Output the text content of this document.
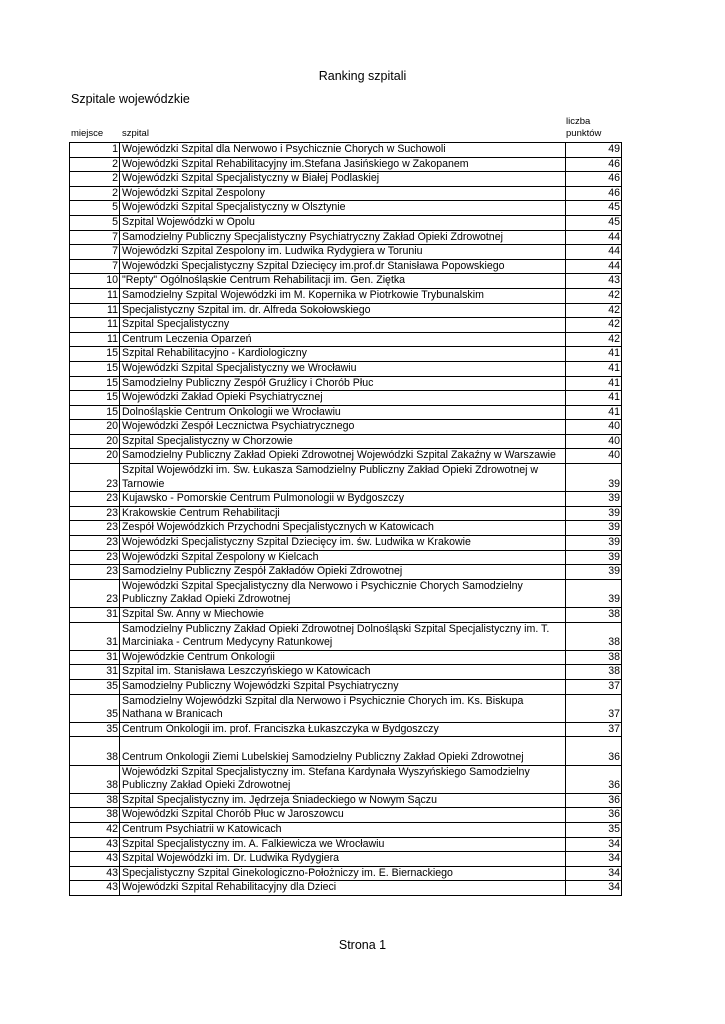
Ranking szpitali
Szpitale wojewódzkie
miejsce szpital
liczba
punktów
1	Wojewódzki Szpital dla Nerwowo i Psychicznie Chorych w Suchowoli	49
2	Wojewódzki Szpital Rehabilitacyjny im.Stefana Jasińskiego w Zakopanem	46
2	Wojewódzki Szpital Specjalistyczny w Białej Podlaskiej	46
2	Wojewódzki Szpital Zespolony	46
5	Wojewódzki Szpital Specjalistyczny w Olsztynie	45
5	Szpital Wojewódzki w Opolu	45
7	Samodzielny Publiczny Specjalistyczny Psychiatryczny Zakład Opieki Zdrowotnej	44
7	Wojewódzki Szpital Zespolony im. Ludwika Rydygiera w Toruniu	44
7	Wojewódzki Specjalistyczny Szpital Dziecięcy im.prof.dr Stanisława Popowskiego	44
10	"Repty" Ogólnośląskie Centrum Rehabilitacji im. Gen. Ziętka	43
11	Samodzielny Szpital Wojewódzki im M. Kopernika w Piotrkowie Trybunalskim	42
11	Specjalistyczny Szpital im. dr. Alfreda Sokołowskiego	42
11	Szpital Specjalistyczny	42
11	Centrum Leczenia Oparzeń	42
15	Szpital Rehabilitacyjno - Kardiologiczny	41
15	Wojewódzki Szpital Specjalistyczny we Wrocławiu	41
15	Samodzielny Publiczny Zespół Gruźlicy i Chorób Płuc	41
15	Wojewódzki Zakład Opieki Psychiatrycznej	41
15	Dolnośląskie Centrum Onkologii we Wrocławiu	41
20	Wojewódzki Zespół Lecznictwa Psychiatrycznego	40
20	Szpital Specjalistyczny w Chorzowie	40
20	Samodzielny Publiczny Zakład Opieki Zdrowotnej Wojewódzki Szpital Zakaźny w Warszawie	40
23	Szpital Wojewódzki im. Św. Łukasza Samodzielny Publiczny Zakład Opieki Zdrowotnej w Tarnowie	39
23	Kujawsko - Pomorskie Centrum Pulmonologii w Bydgoszczy	39
23	Krakowskie Centrum Rehabilitacji	39
23	Zespół Wojewódzkich Przychodni Specjalistycznych w Katowicach	39
23	Wojewódzki Specjalistyczny Szpital Dziecięcy im. św. Ludwika w Krakowie	39
23	Wojewódzki Szpital Zespolony w Kielcach	39
23	Samodzielny Publiczny Zespół Zakładów Opieki Zdrowotnej	39
23	Wojewódzki Szpital Specjalistyczny dla Nerwowo i Psychicznie Chorych Samodzielny Publiczny Zakład Opieki Zdrowotnej	39
31	Szpital Św. Anny w Miechowie	38
31	Samodzielny Publiczny Zakład Opieki Zdrowotnej Dolnośląski Szpital Specjalistyczny im. T. Marciniaka - Centrum Medycyny Ratunkowej	38
31	Wojewódzkie Centrum Onkologii	38
31	Szpital im. Stanisława Leszczyńskiego w Katowicach	38
35	Samodzielny Publiczny Wojewódzki Szpital Psychiatryczny	37
35	Samodzielny Wojewódzki Szpital dla Nerwowo i Psychicznie Chorych im. Ks. Biskupa Nathana w Branicach	37
35	Centrum Onkologii im. prof. Franciszka Łukaszczyka w Bydgoszczy	37
38	Centrum Onkologii Ziemi Lubelskiej Samodzielny Publiczny Zakład Opieki Zdrowotnej	36
38	Wojewódzki Szpital Specjalistyczny im. Stefana Kardynała Wyszyńskiego Samodzielny Publiczny Zakład Opieki Zdrowotnej	36
38	Szpital Specjalistyczny im. Jędrzeja Śniadeckiego w Nowym Sączu	36
38	Wojewódzki Szpital Chorób Płuc w Jaroszowcu	36
42	Centrum Psychiatrii w Katowicach	35
43	Szpital Specjalistyczny im. A. Falkiewicza we Wrocławiu	34
43	Szpital Wojewódzki im. Dr. Ludwika Rydygiera	34
43	Specjalistyczny Szpital Ginekologiczno-Położniczy im. E. Biernackiego	34
43	Wojewódzki Szpital Rehabilitacyjny dla Dzieci	34
Strona 1
